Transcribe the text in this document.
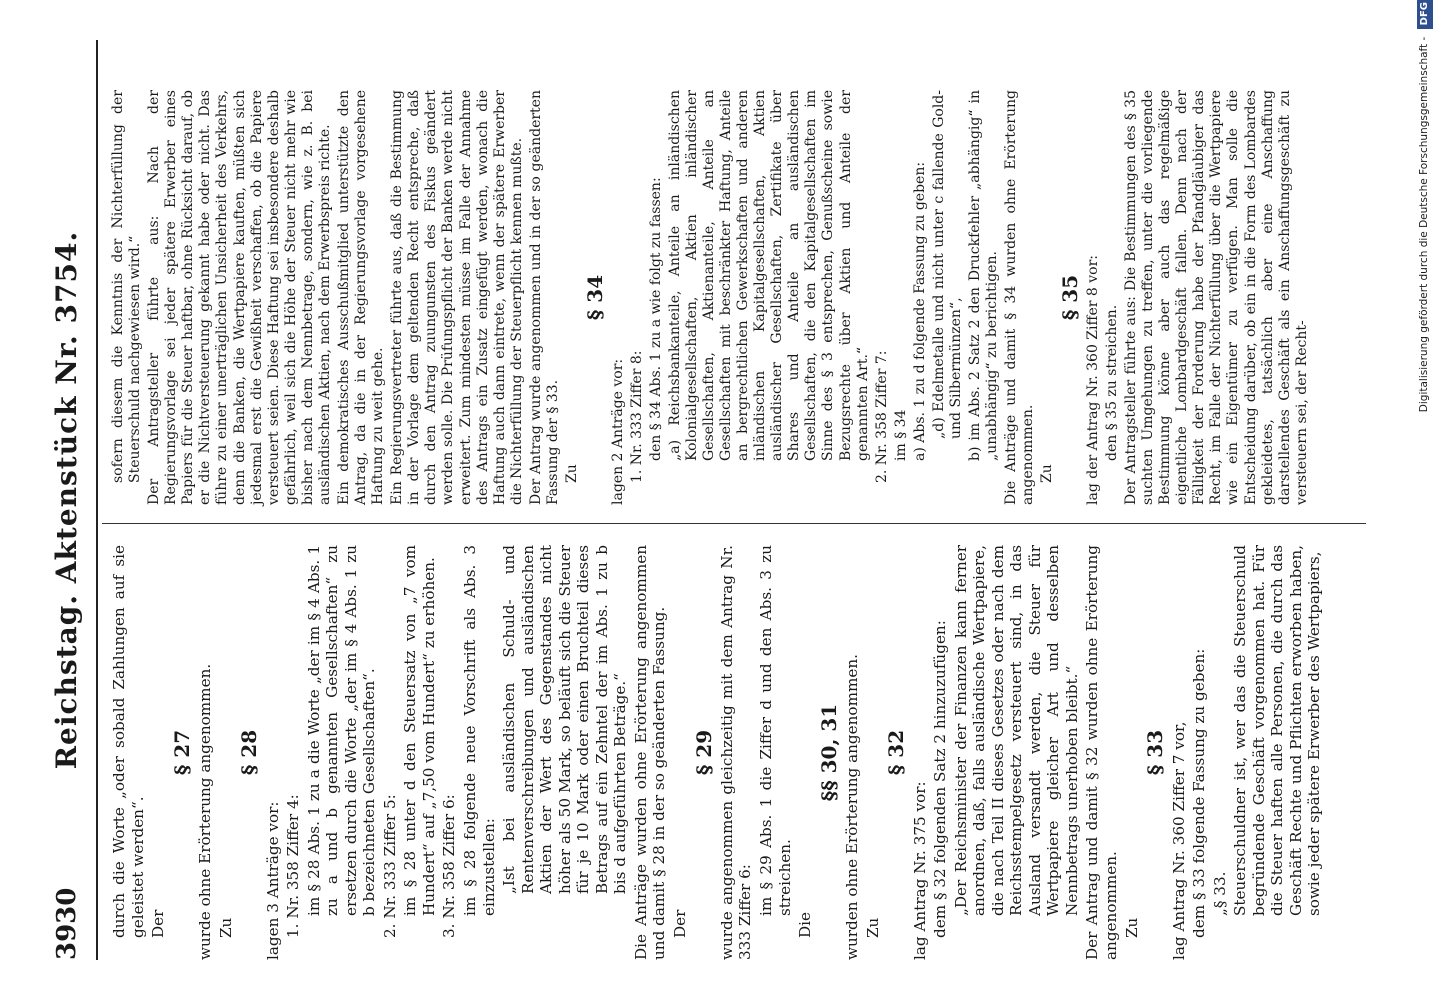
3930
Reichstag. Aktenstück Nr. 3754. durch die Worte „oder sobald Zahlungen auf sie geleistet werden“. Der

§ 27 wurde ohne Erörterung angenommen. Zu

§ 28

lagen 3 Anträge vor: 1. Nr. 358 Ziffer 4: im § 28 Abs. 1 zu a die Worte „der im § 4 Abs. 1 zu a und b genannten Gesellschaften“ zu ersetzen durch die Worte „der im § 4 Abs. 1 zu b bezeichneten Gesellschaften“. 2. Nr. 333 Ziffer 5: im § 28 unter d den Steuersatz von „7 vom Hundert“ auf „7,50 vom Hundert“ zu erhöhen. 3. Nr. 358 Ziffer 6: im § 28 folgende neue Vorschrift als Abs. 3 einzustellen: „Ist bei ausländischen Schuld- und Rentenverschreibungen und ausländischen Aktien der Wert des Gegenstandes nicht höher als 50 Mark, so beläuft sich die Steuer für je 10 Mark oder einen Bruchteil dieses Betrags auf ein Zehntel der im Abs. 1 zu b bis d aufgeführten Beträge.“ Die Anträge wurden ohne Erörterung angenommen und damit § 28 in der so geänderten Fassung. Der

§ 29 wurde angenommen gleichzeitig mit dem Antrag Nr. 333 Ziffer 6: im § 29 Abs. 1 die Ziffer d und den Abs. 3 zu streichen.

Die

§§ 30, 31 wurden ohne Erörterung angenommen. Zu

§ 32

lag Antrag Nr. 375 vor: dem § 32 folgenden Satz 2 hinzuzufügen: „Der Reichsminister der Finanzen kann ferner anordnen, daß, falls ausländische Wertpapiere, die nach Teil II dieses Gesetzes oder nach dem Reichsstempelgesetz versteuert sind, in das Ausland versandt werden, die Steuer für Wertpapiere gleicher Art und desselben Nennbetrags unerhoben bleibt.“ Der Antrag und damit § 32 wurden ohne Erörterung angenommen. Zu

§ 33 lag Antrag Nr. 360 Ziffer 7 vor, dem § 33 folgende Fassung zu geben: „§ 33. Steuerschuldner ist, wer das die Steuerschuld begründende Geschäft vorgenommen hat. Für die Steuer haften alle Personen, die durch das Geschäft Rechte und Pflichten erworben haben, sowie jeder spätere Erwerber des Wertpapiers,

sofern diesem die Kenntnis der Nichterfüllung der Steuerschuld nachgewiesen wird.“ Der Antragsteller führte aus: Nach der Regierungsvorlage sei jeder spätere Erwerber eines Papiers für die Steuer haftbar, ohne Rücksicht darauf, ob er die Nichtversteuerung gekannt habe oder nicht. Das führe zu einer unerträglichen Unsicherheit des Verkehrs, denn die Banken, die Wertpapiere kauften, müßten sich jedesmal erst die Gewißheit verschaffen, ob die Papiere versteuert seien. Diese Haftung sei insbesondere deshalb gefährlich, weil sich die Höhe der Steuer nicht mehr wie bisher nach dem Nennbetrage, sondern, wie z. B. bei ausländischen Aktien, nach dem Erwerbspreis richte. Ein demokratisches Ausschußmitglied unterstützte den Antrag, da die in der Regierungsvorlage vorgesehene Haftung zu weit gehe. Ein Regierungsvertreter führte aus, daß die Bestimmung in der Vorlage dem geltenden Recht entspreche, daß durch den Antrag zuungunsten des Fiskus geändert werden solle. Die Prüfungspflicht der Banken werde nicht erweitert. Zum mindesten müsse im Falle der Annahme des Antrags ein Zusatz eingefügt werden, wonach die Haftung auch dann eintrete, wenn der spätere Erwerber die Nichterfüllung der Steuerpflicht kennen mußte. Der Antrag wurde angenommen und in der so geänderten Fassung der § 33. Zu

§ 34

lagen 2 Anträge vor: 1. Nr. 333 Ziffer 8: den § 34 Abs. 1 zu a wie folgt zu fassen: „a) Reichsbankanteile, Anteile an inländischen Kolonialgesellschaften, Aktien inländischer Gesellschaften, Aktienanteile, Anteile an Gesellschaften mit beschränkter Haftung, Anteile an bergrechtlichen Gewerkschaften und anderen inländischen Kapitalgesellschaften, Aktien ausländischer Gesellschaften, Zertifikate über Shares und Anteile an ausländischen Gesellschaften, die den Kapitalgesellschaften im Sinne des § 3 entsprechen, Genußscheine sowie Bezugsrechte über Aktien und Anteile der genannten Art.“ 2. Nr. 358 Ziffer 7: im § 34 a) Abs. 1 zu d folgende Fassung zu geben: „d) Edelmetalle und nicht unter c fallende Gold- und Silbermünzen“, b) im Abs. 2 Satz 2 den Druckfehler „abhängig“ in „unabhängig“ zu berichtigen. Die Anträge und damit § 34 wurden ohne Erörterung angenommen. Zu

§ 35 lag der Antrag Nr. 360 Ziffer 8 vor: den § 35 zu streichen. Der Antragsteller führte aus: Die Bestimmungen des § 35 suchten Umgehungen zu treffen, unter die vorliegende Bestimmung könne aber auch das regelmäßige eigentliche Lombardgeschäft fallen. Denn nach der Fälligkeit der Forderung habe der Pfandgläubiger das Recht, im Falle der Nichterfüllung über die Wertpapiere wie ein Eigentümer zu verfügen. Man solle die Entscheidung darüber, ob ein in die Form des Lombardes gekleidetes, tatsächlich aber eine Anschaffung darstellendes Geschäft als ein Anschaffungsgeschäft zu versteuern sei, der Recht-

Digitalisierung gefördert durch die Deutsche Forschungsgemeinschaft - DFG
